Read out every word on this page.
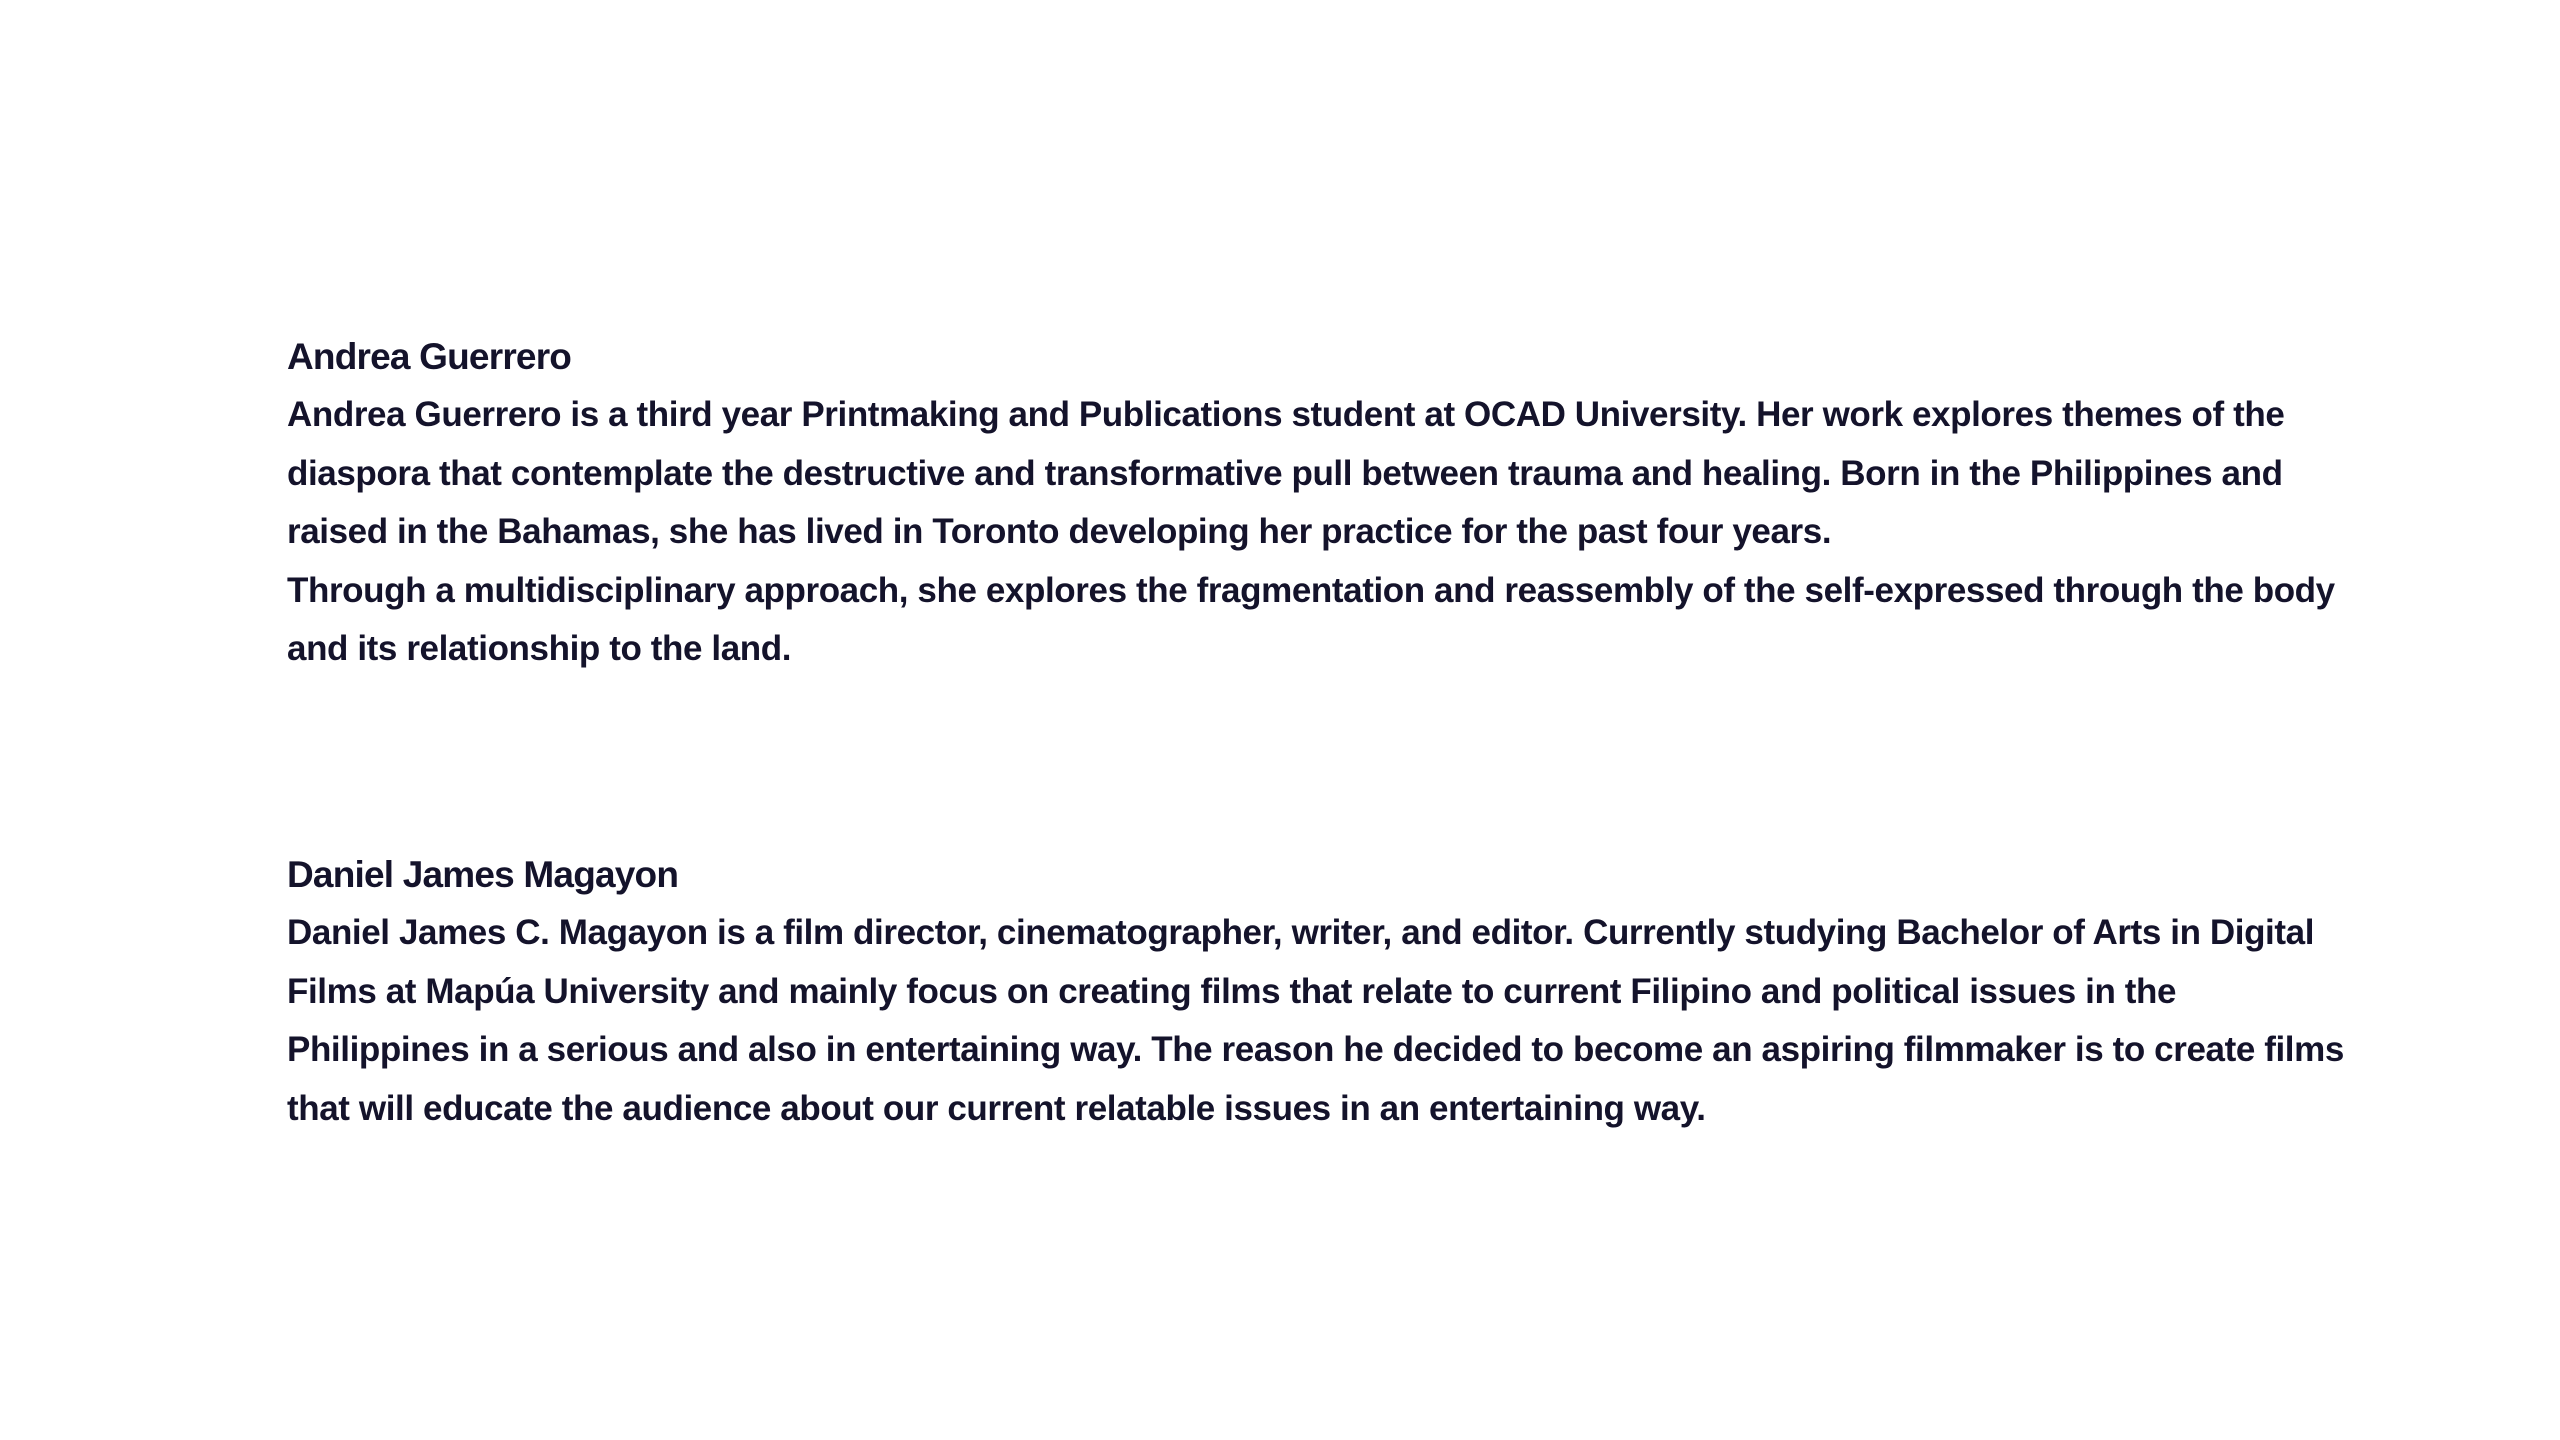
Andrea Guerrero

Andrea Guerrero is a third year Printmaking and Publications student at OCAD University. Her work explores themes of the diaspora that contemplate the destructive and transformative pull between trauma and healing. Born in the Philippines and raised in the Bahamas, she has lived in Toronto developing her practice for the past four years.

Through a multidisciplinary approach, she explores the fragmentation and reassembly of the self-expressed through the body and its relationship to the land.

Daniel James Magayon

Daniel James C. Magayon is a film director, cinematographer, writer, and editor. Currently studying Bachelor of Arts in Digital Films at Mapúa University and mainly focus on creating films that relate to current Filipino and political issues in the Philippines in a serious and also in entertaining way. The reason he decided to become an aspiring filmmaker is to create films that will educate the audience about our current relatable issues in an entertaining way.
